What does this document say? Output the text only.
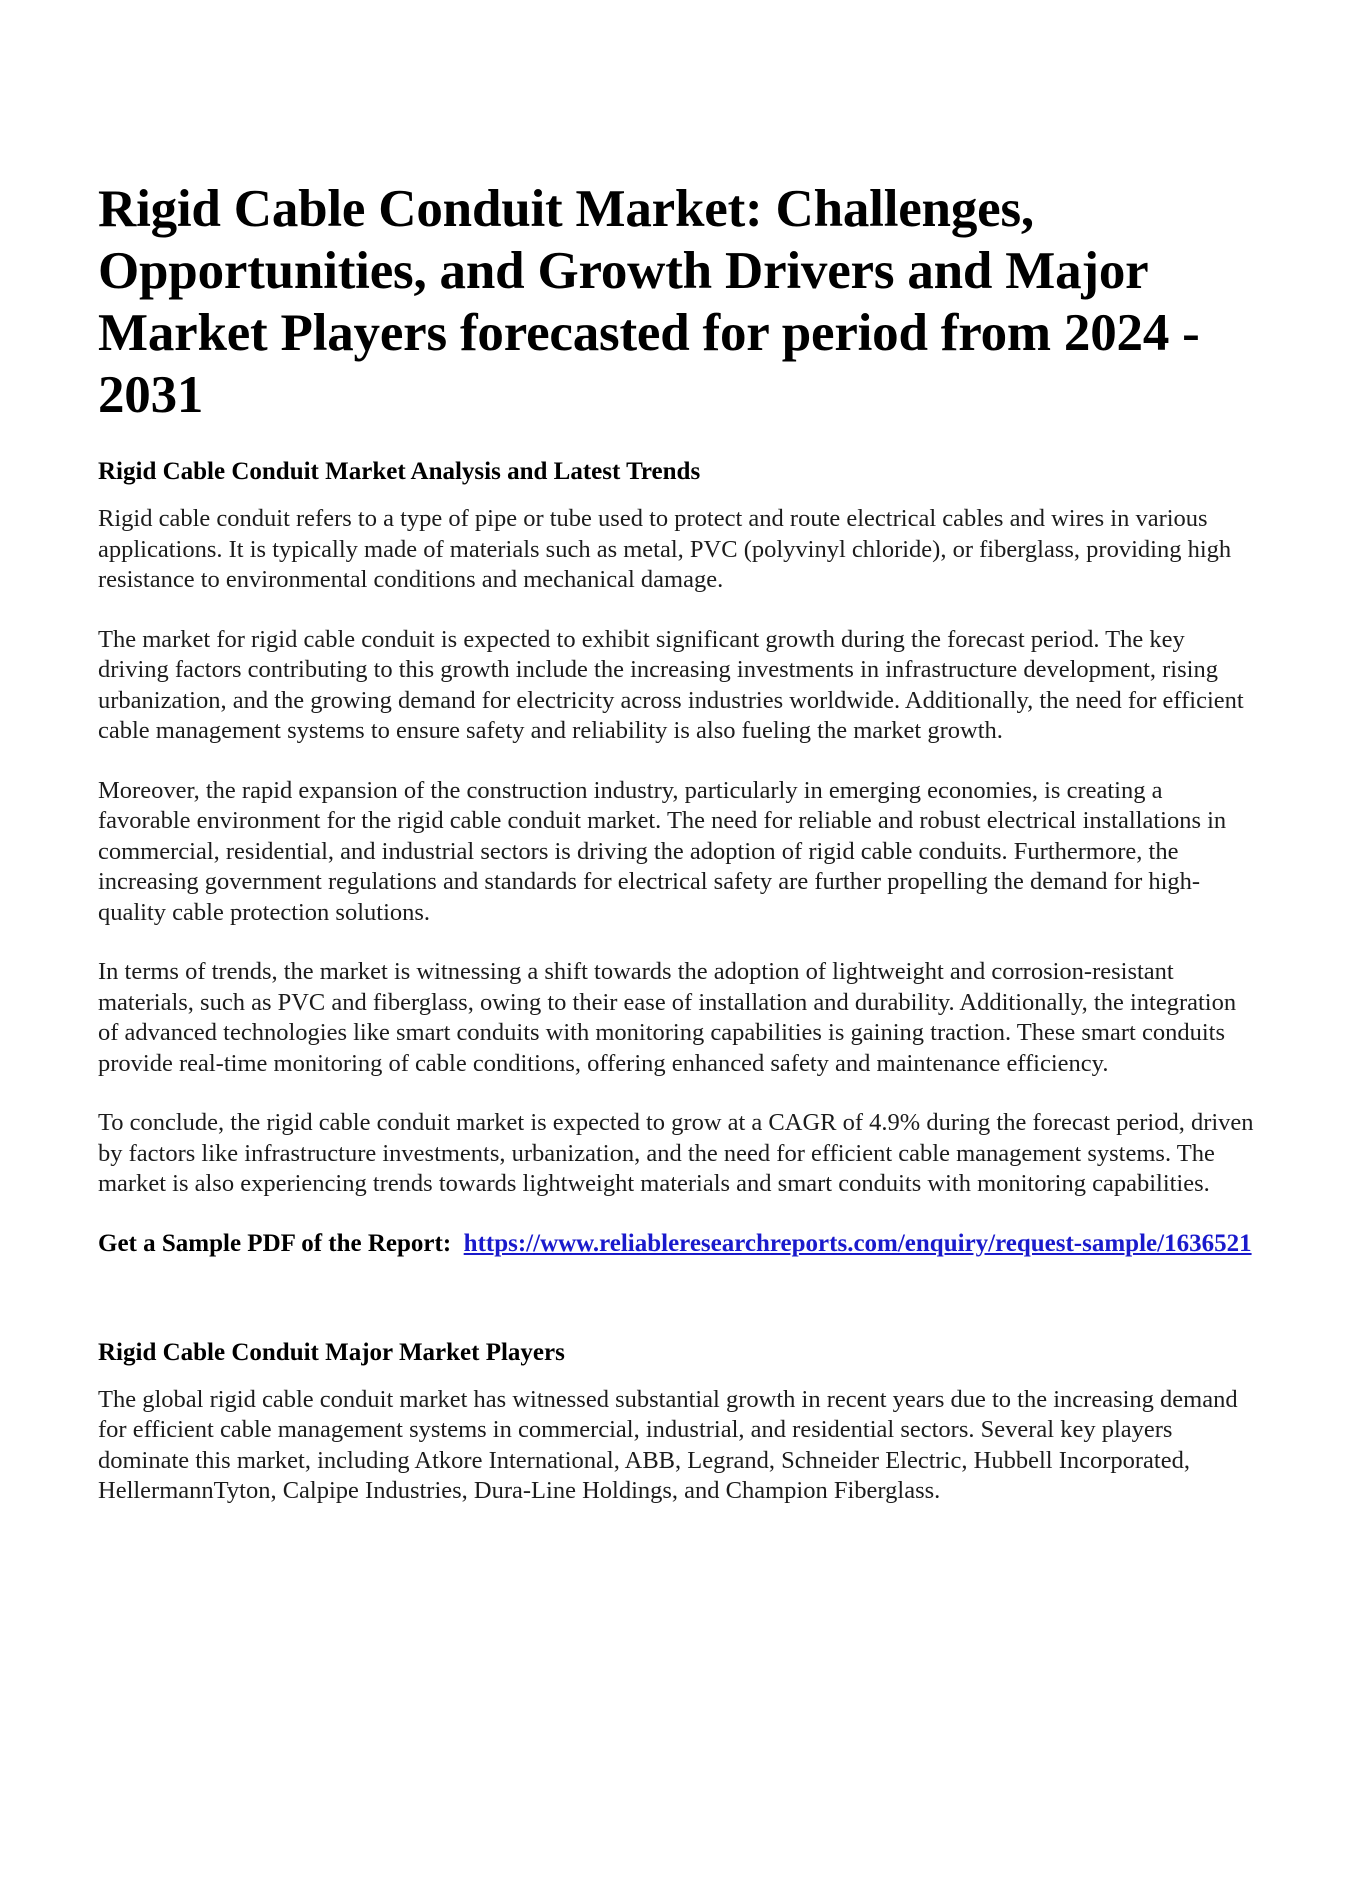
Rigid Cable Conduit Market: Challenges, Opportunities, and Growth Drivers and Major Market Players forecasted for period from 2024 - 2031
Rigid Cable Conduit Market Analysis and Latest Trends

Rigid cable conduit refers to a type of pipe or tube used to protect and route electrical cables and wires in various applications. It is typically made of materials such as metal, PVC (polyvinyl chloride), or fiberglass, providing high resistance to environmental conditions and mechanical damage.

The market for rigid cable conduit is expected to exhibit significant growth during the forecast period. The key driving factors contributing to this growth include the increasing investments in infrastructure development, rising urbanization, and the growing demand for electricity across industries worldwide. Additionally, the need for efficient cable management systems to ensure safety and reliability is also fueling the market growth.

Moreover, the rapid expansion of the construction industry, particularly in emerging economies, is creating a favorable environment for the rigid cable conduit market. The need for reliable and robust electrical installations in commercial, residential, and industrial sectors is driving the adoption of rigid cable conduits. Furthermore, the increasing government regulations and standards for electrical safety are further propelling the demand for high-quality cable protection solutions.

In terms of trends, the market is witnessing a shift towards the adoption of lightweight and corrosion-resistant materials, such as PVC and fiberglass, owing to their ease of installation and durability. Additionally, the integration of advanced technologies like smart conduits with monitoring capabilities is gaining traction. These smart conduits provide real-time monitoring of cable conditions, offering enhanced safety and maintenance efficiency.

To conclude, the rigid cable conduit market is expected to grow at a CAGR of 4.9% during the forecast period, driven by factors like infrastructure investments, urbanization, and the need for efficient cable management systems. The market is also experiencing trends towards lightweight materials and smart conduits with monitoring capabilities.

Get a Sample PDF of the Report: https://www.reliableresearchreports.com/enquiry/request-sample/1636521

Rigid Cable Conduit Major Market Players

The global rigid cable conduit market has witnessed substantial growth in recent years due to the increasing demand for efficient cable management systems in commercial, industrial, and residential sectors. Several key players dominate this market, including Atkore International, ABB, Legrand, Schneider Electric, Hubbell Incorporated, HellermannTyton, Calpipe Industries, Dura-Line Holdings, and Champion Fiberglass.
